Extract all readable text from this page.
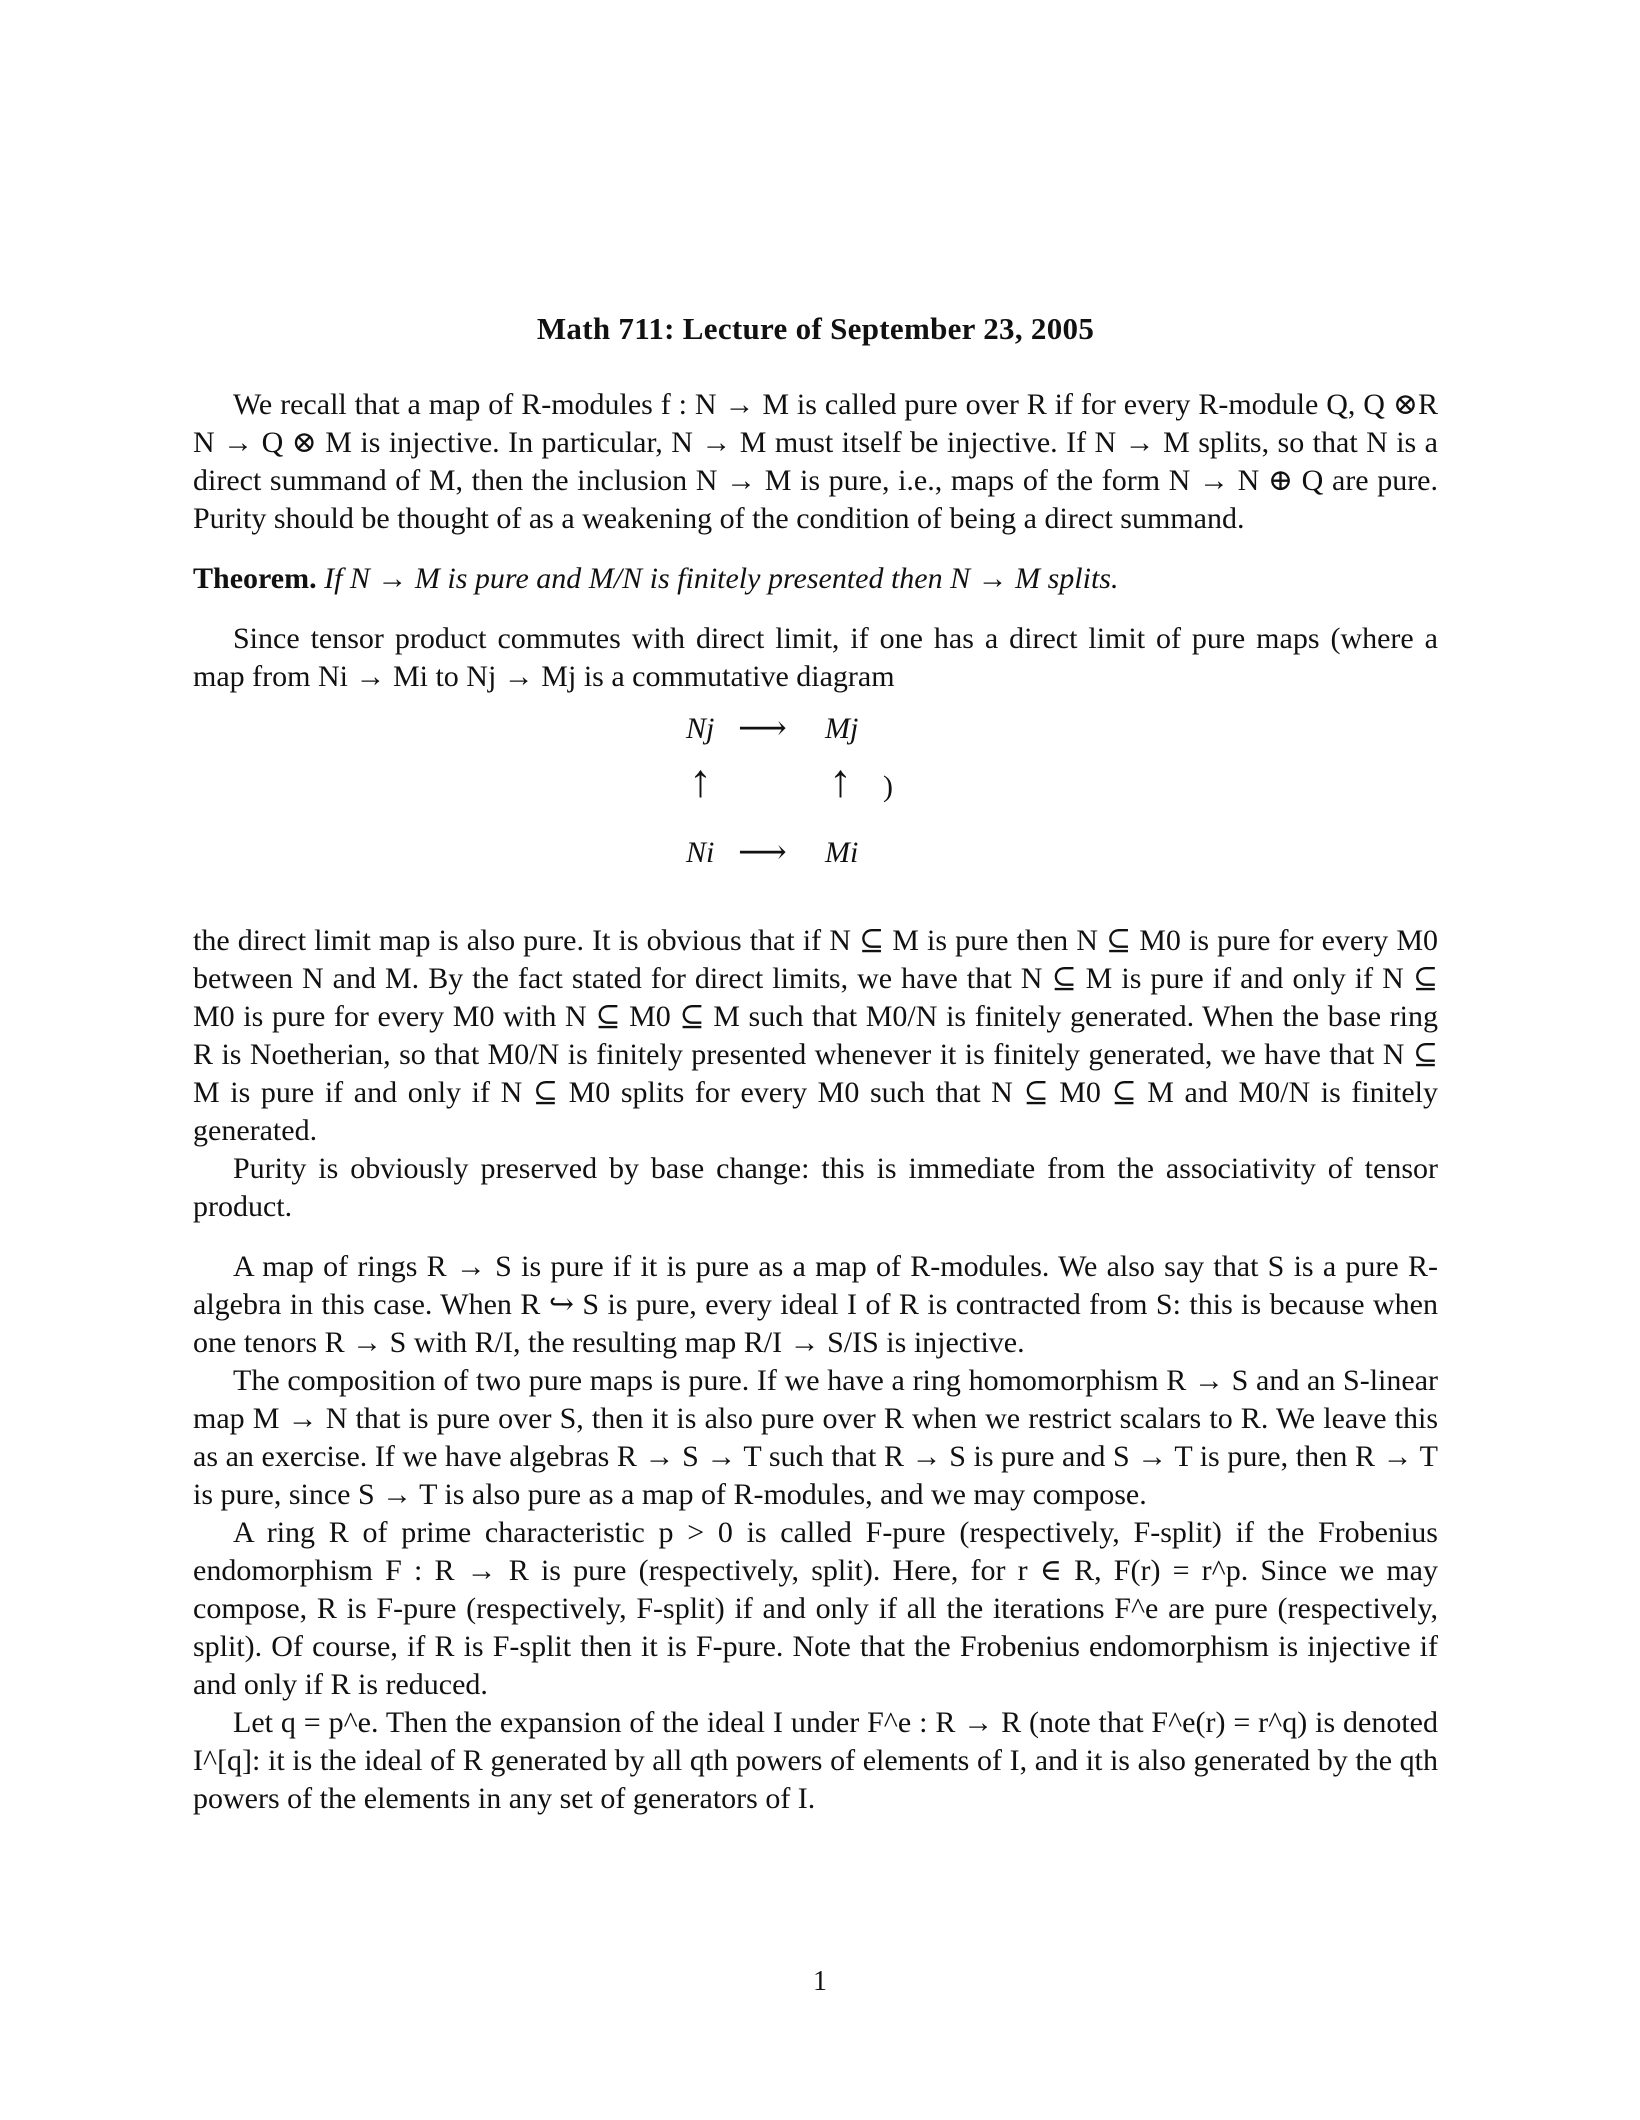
Math 711: Lecture of September 23, 2005

We recall that a map of R-modules f : N → M is called pure over R if for every R-module Q, Q ⊗R N → Q ⊗ M is injective. In particular, N → M must itself be injective. If N → M splits, so that N is a direct summand of M, then the inclusion N → M is pure, i.e., maps of the form N → N ⊕ Q are pure. Purity should be thought of as a weakening of the condition of being a direct summand.

Theorem. If N → M is pure and M/N is finitely presented then N → M splits.

Since tensor product commutes with direct limit, if one has a direct limit of pure maps (where a map from Ni → Mi to Nj → Mj is a commutative diagram

Nj ⟶ Mj
↑	↑ )
Ni ⟶ Mi

the direct limit map is also pure. It is obvious that if N ⊆ M is pure then N ⊆ M0 is pure for every M0 between N and M. By the fact stated for direct limits, we have that N ⊆ M is pure if and only if N ⊆ M0 is pure for every M0 with N ⊆ M0 ⊆ M such that M0/N is finitely generated. When the base ring R is Noetherian, so that M0/N is finitely presented whenever it is finitely generated, we have that N ⊆ M is pure if and only if N ⊆ M0 splits for every M0 such that N ⊆ M0 ⊆ M and M0/N is finitely generated.

Purity is obviously preserved by base change: this is immediate from the associativity of tensor product.

A map of rings R → S is pure if it is pure as a map of R-modules. We also say that S is a pure R-algebra in this case. When R ↪ S is pure, every ideal I of R is contracted from S: this is because when one tenors R → S with R/I, the resulting map R/I → S/IS is injective.

The composition of two pure maps is pure. If we have a ring homomorphism R → S and an S-linear map M → N that is pure over S, then it is also pure over R when we restrict scalars to R. We leave this as an exercise. If we have algebras R → S → T such that R → S is pure and S → T is pure, then R → T is pure, since S → T is also pure as a map of R-modules, and we may compose.

A ring R of prime characteristic p > 0 is called F-pure (respectively, F-split) if the Frobenius endomorphism F : R → R is pure (respectively, split). Here, for r ∈ R, F(r) = r^p. Since we may compose, R is F-pure (respectively, F-split) if and only if all the iterations F^e are pure (respectively, split). Of course, if R is F-split then it is F-pure. Note that the Frobenius endomorphism is injective if and only if R is reduced.

Let q = p^e. Then the expansion of the ideal I under F^e : R → R (note that F^e(r) = r^q) is denoted I^[q]: it is the ideal of R generated by all qth powers of elements of I, and it is also generated by the qth powers of the elements in any set of generators of I.

1
